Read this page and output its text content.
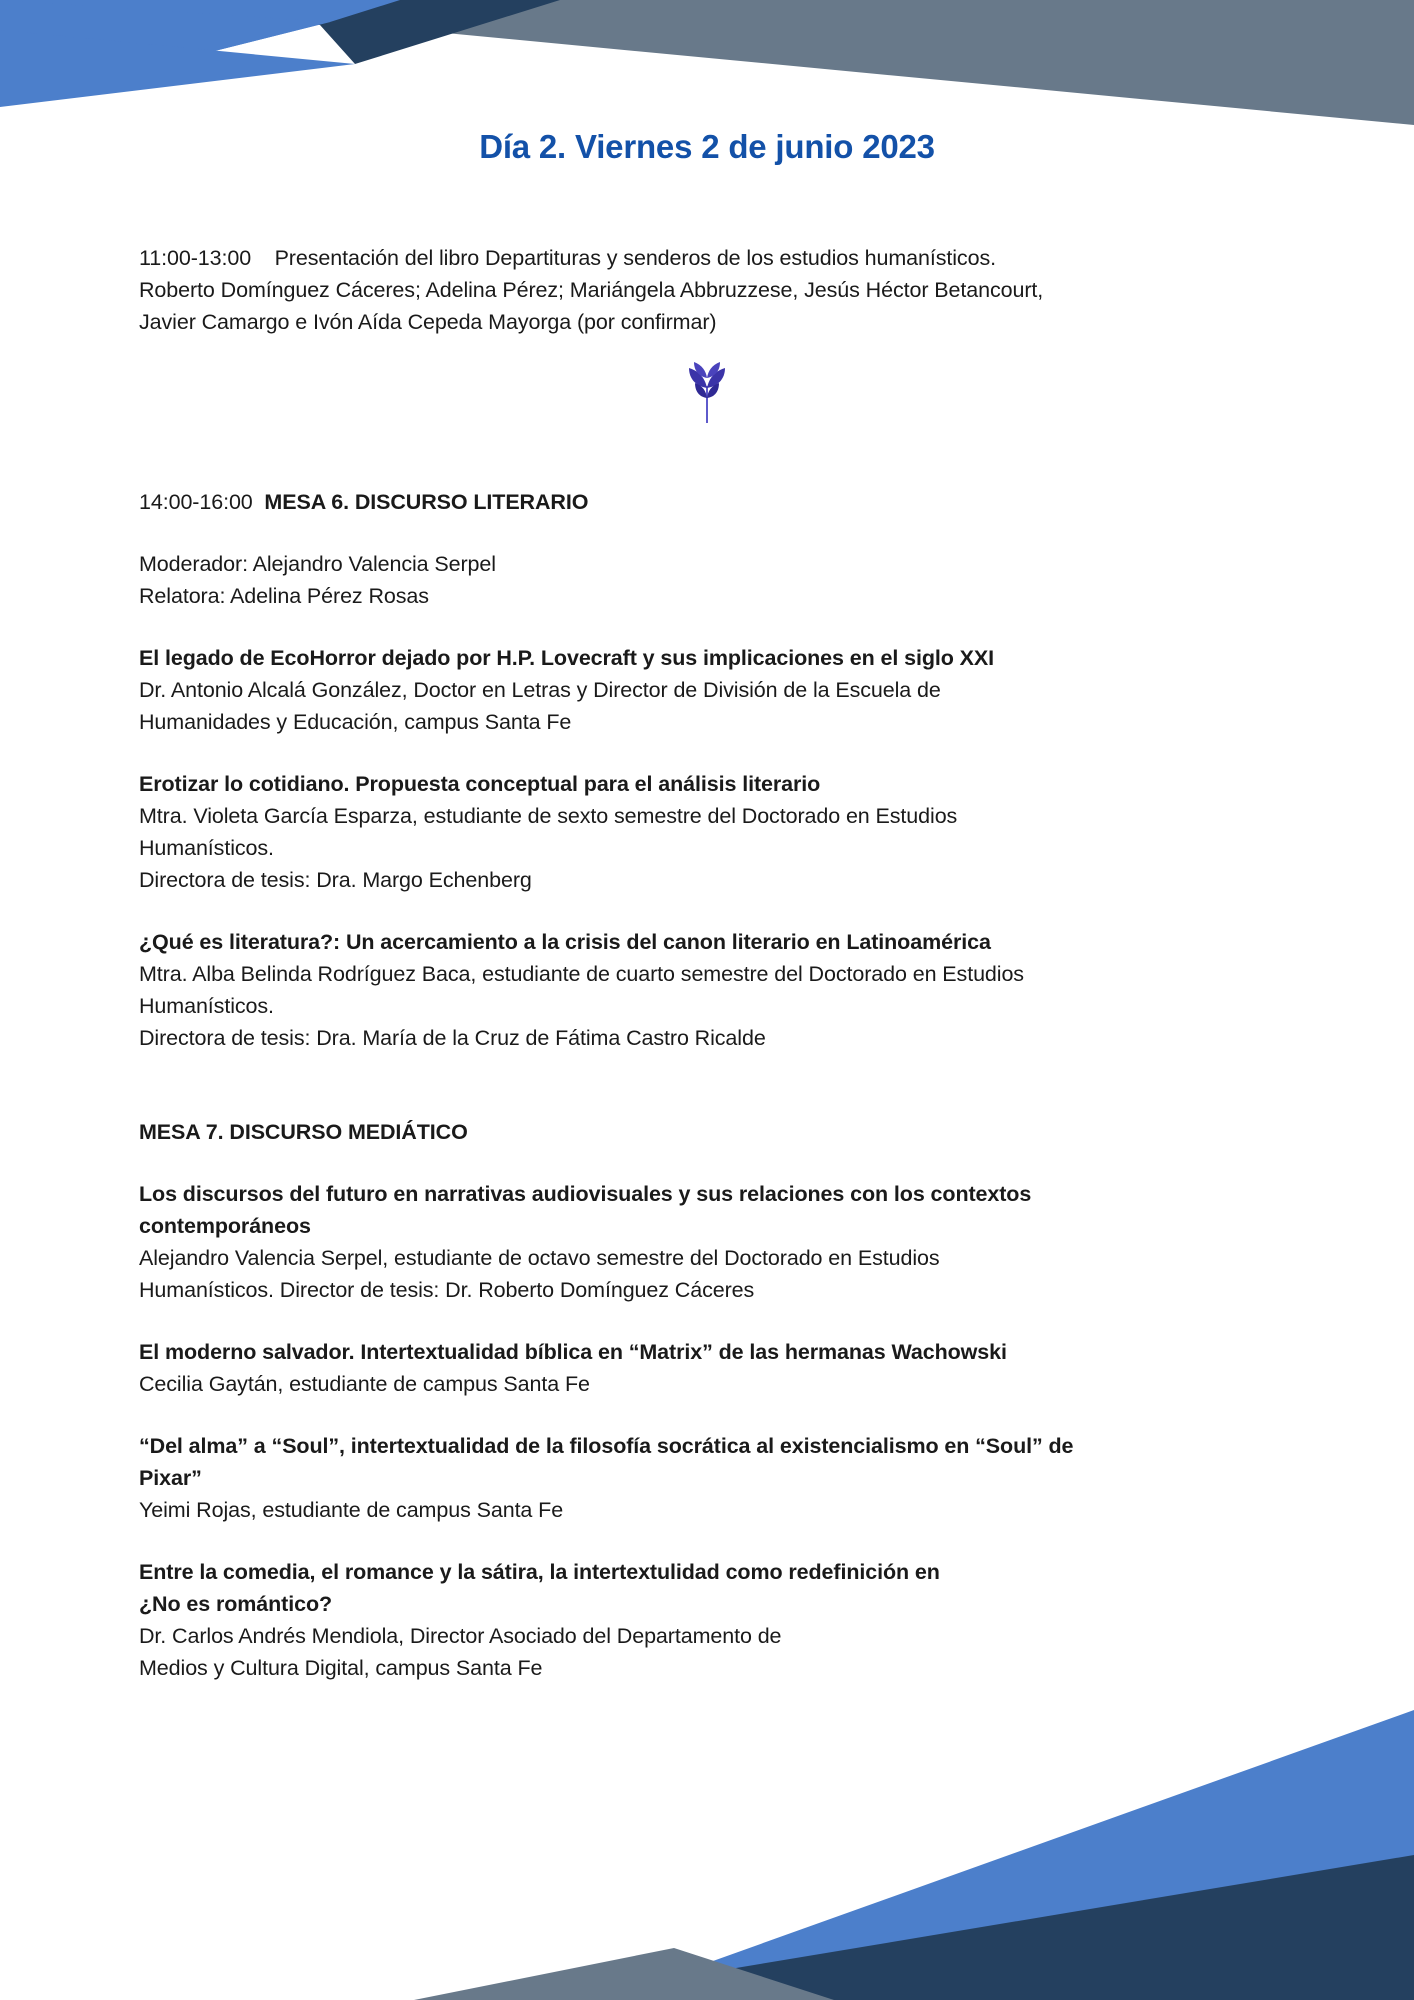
Día 2. Viernes 2 de junio 2023
11:00-13:00    Presentación del libro Departituras y senderos de los estudios humanísticos.
Roberto Domínguez Cáceres; Adelina Pérez; Mariángela Abbruzzese, Jesús Héctor Betancourt,
Javier Camargo e Ivón Aída Cepeda Mayorga (por confirmar)
14:00-16:00 MESA 6. DISCURSO LITERARIO
Moderador: Alejandro Valencia Serpel
Relatora: Adelina Pérez Rosas
El legado de EcoHorror dejado por H.P. Lovecraft y sus implicaciones en el siglo XXI
Dr. Antonio Alcalá González, Doctor en Letras y Director de División de la Escuela de
Humanidades y Educación, campus Santa Fe
Erotizar lo cotidiano. Propuesta conceptual para el análisis literario
Mtra. Violeta García Esparza, estudiante de sexto semestre del Doctorado en Estudios
Humanísticos.
Directora de tesis: Dra. Margo Echenberg
¿Qué es literatura?: Un acercamiento a la crisis del canon literario en Latinoamérica
Mtra. Alba Belinda Rodríguez Baca, estudiante de cuarto semestre del Doctorado en Estudios
Humanísticos.
Directora de tesis: Dra. María de la Cruz de Fátima Castro Ricalde
MESA 7. DISCURSO MEDIÁTICO
Los discursos del futuro en narrativas audiovisuales y sus relaciones con los contextos
contemporáneos
Alejandro Valencia Serpel, estudiante de octavo semestre del Doctorado en Estudios
Humanísticos. Director de tesis: Dr. Roberto Domínguez Cáceres
El moderno salvador. Intertextualidad bíblica en “Matrix” de las hermanas Wachowski
Cecilia Gaytán, estudiante de campus Santa Fe
“Del alma” a “Soul”, intertextualidad de la filosofía socrática al existencialismo en “Soul” de
Pixar”
Yeimi Rojas, estudiante de campus Santa Fe
Entre la comedia, el romance y la sátira, la intertextulidad como redefinición en
¿No es romántico?
Dr. Carlos Andrés Mendiola, Director Asociado del Departamento de
Medios y Cultura Digital, campus Santa Fe
